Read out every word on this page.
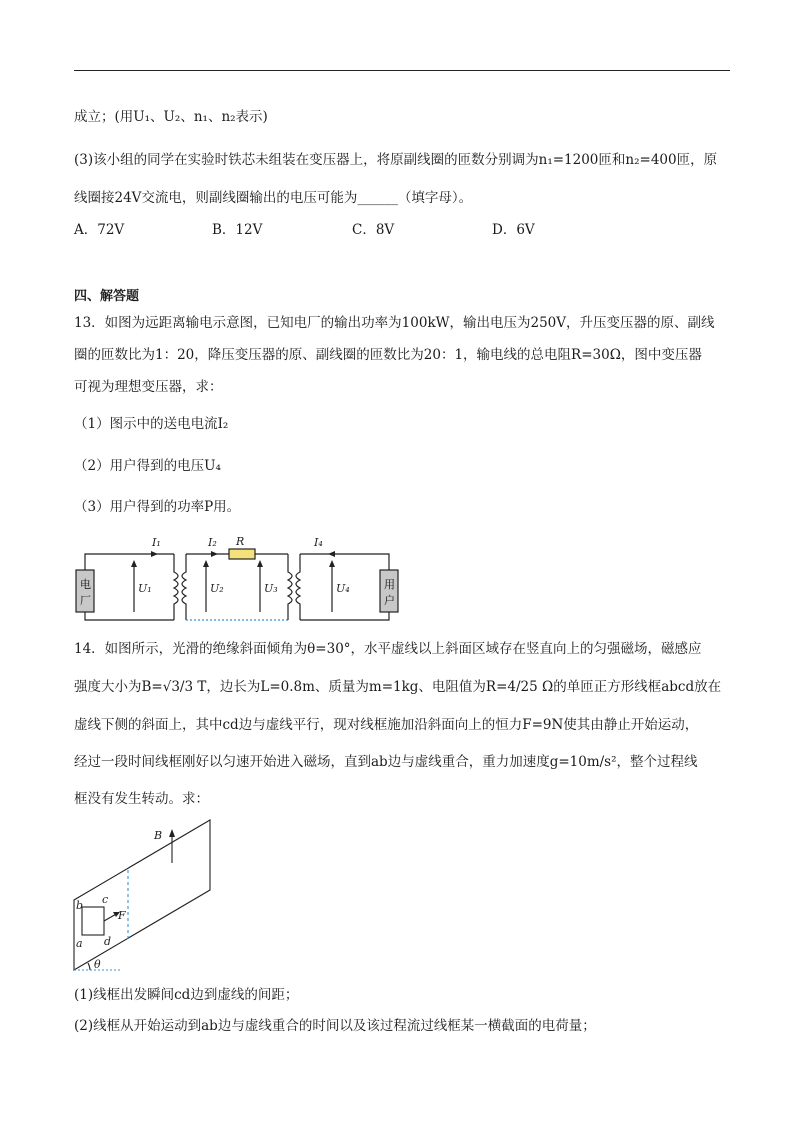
成立；(用U₁、U₂、n₁、n₂表示)
(3)该小组的同学在实验时铁芯未组装在变压器上，将原副线圈的匝数分别调为n₁=1200匝和n₂=400匝，原
线圈接24V交流电，则副线圈输出的电压可能为______（填字母）。
A．72V	B．12V	C．8V	D．6V
四、解答题
13．如图为远距离输电示意图，已知电厂的输出功率为100kW，输出电压为250V，升压变压器的原、副线
圈的匝数比为1：20，降压变压器的原、副线圈的匝数比为20：1，输电线的总电阻R=30Ω，图中变压器
可视为理想变压器，求：
（1）图示中的送电电流I₂
（2）用户得到的电压U₄
（3）用户得到的功率P用。
I₁	I₂ R	I₄
U₁	U₂	U₃	U₄
电
厂
用
户
14．如图所示，光滑的绝缘斜面倾角为θ=30°，水平虚线以上斜面区域存在竖直向上的匀强磁场，磁感应
强度大小为B=√3/3 T，边长为L=0.8m、质量为m=1kg、电阻值为R=4/25 Ω的单匝正方形线框abcd放在
虚线下侧的斜面上，其中cd边与虚线平行，现对线框施加沿斜面向上的恒力F=9N使其由静止开始运动，
经过一段时间线框刚好以匀速开始进入磁场，直到ab边与虚线重合，重力加速度g=10m/s²，整个过程线
框没有发生转动。求：
B
b c
F
a d
θ
(1)线框出发瞬间cd边到虚线的间距；
(2)线框从开始运动到ab边与虚线重合的时间以及该过程流过线框某一横截面的电荷量；
